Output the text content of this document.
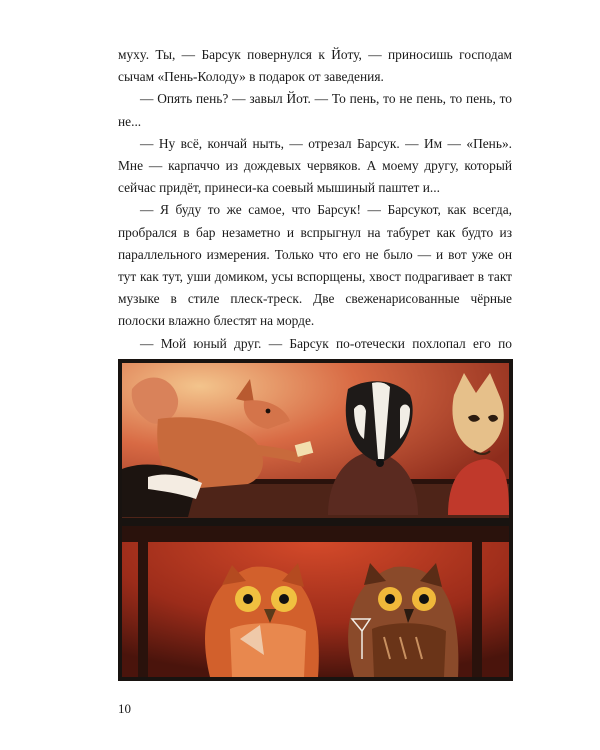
мухy. Ты, — Барсук повернулся к Йоту, — приносишь господам сычам «Пень-Колоду» в подарок от заведения.

— Опять пень? — завыл Йот. — То пень, то не пень, то пень, то не...

— Ну всё, кончай ныть, — отрезал Барсук. — Им — «Пень». Мне — карпаччо из дождевых червяков. А моему другу, который сейчас придёт, принеси-ка соевый мышиный паштет и...

— Я буду то же самое, что Барсук! — Барсукот, как всегда, пробрался в бар незаметно и вспрыгнул на табурет как будто из параллельного измерения. Только что его не было — и вот уже он тут как тут, уши домиком, усы вспорщены, хвост подрагивает в такт музыке в стиле плеск-треск. Две свеженарисованные чёрные полоски влажно блестят на морде.

— Мой юный друг. — Барсук по-отечески похлопал его по

10
